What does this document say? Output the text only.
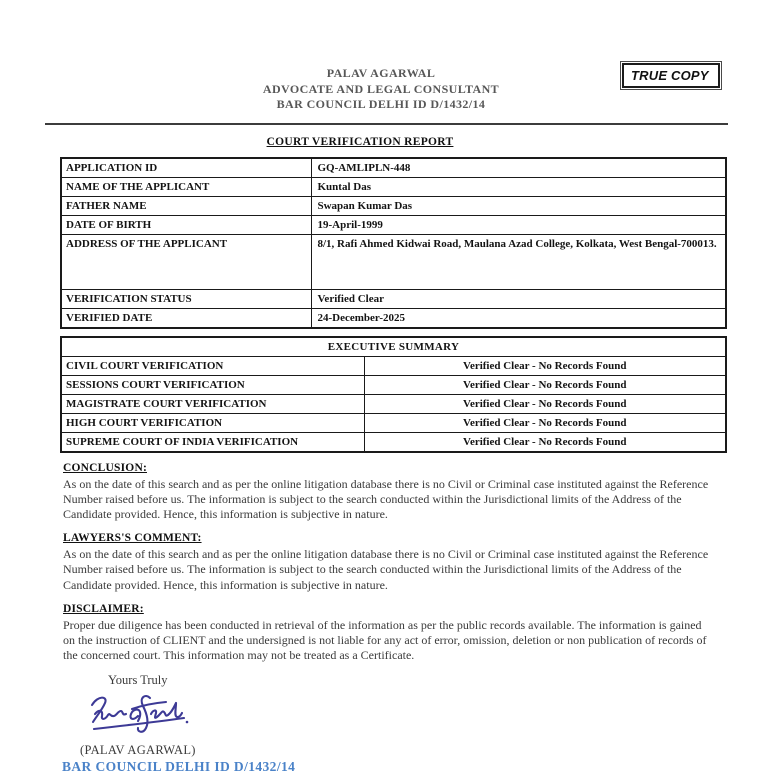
PALAV AGARWAL
ADVOCATE AND LEGAL CONSULTANT
BAR COUNCIL DELHI ID D/1432/14
TRUE COPY
COURT VERIFICATION REPORT
APPLICATION ID	GQ-AMLIPLN-448
NAME OF THE APPLICANT	Kuntal Das
FATHER NAME	Swapan Kumar Das
DATE OF BIRTH	19-April-1999
ADDRESS OF THE APPLICANT	8/1, Rafi Ahmed Kidwai Road, Maulana Azad College, Kolkata, West Bengal-700013.
VERIFICATION STATUS	Verified Clear
VERIFIED DATE	24-December-2025
EXECUTIVE SUMMARY	
CIVIL COURT VERIFICATION	Verified Clear - No Records Found
SESSIONS COURT VERIFICATION	Verified Clear - No Records Found
MAGISTRATE COURT VERIFICATION	Verified Clear - No Records Found
HIGH COURT VERIFICATION	Verified Clear - No Records Found
SUPREME COURT OF INDIA VERIFICATION	Verified Clear - No Records Found
CONCLUSION:
As on the date of this search and as per the online litigation database there is no Civil or Criminal case instituted against the Reference Number raised before us. The information is subject to the search conducted within the Jurisdictional limits of the Address of the Candidate provided. Hence, this information is subjective in nature.
LAWYERS'S COMMENT:
As on the date of this search and as per the online litigation database there is no Civil or Criminal case instituted against the Reference Number raised before us. The information is subject to the search conducted within the Jurisdictional limits of the Address of the Candidate provided. Hence, this information is subjective in nature.
DISCLAIMER:
Proper due diligence has been conducted in retrieval of the information as per the public records available. The information is gained on the instruction of CLIENT and the undersigned is not liable for any act of error, omission, deletion or non publication of records of the concerned court. This information may not be treated as a Certificate.
Yours Truly
(PALAV AGARWAL)
BAR COUNCIL DELHI ID D/1432/14
